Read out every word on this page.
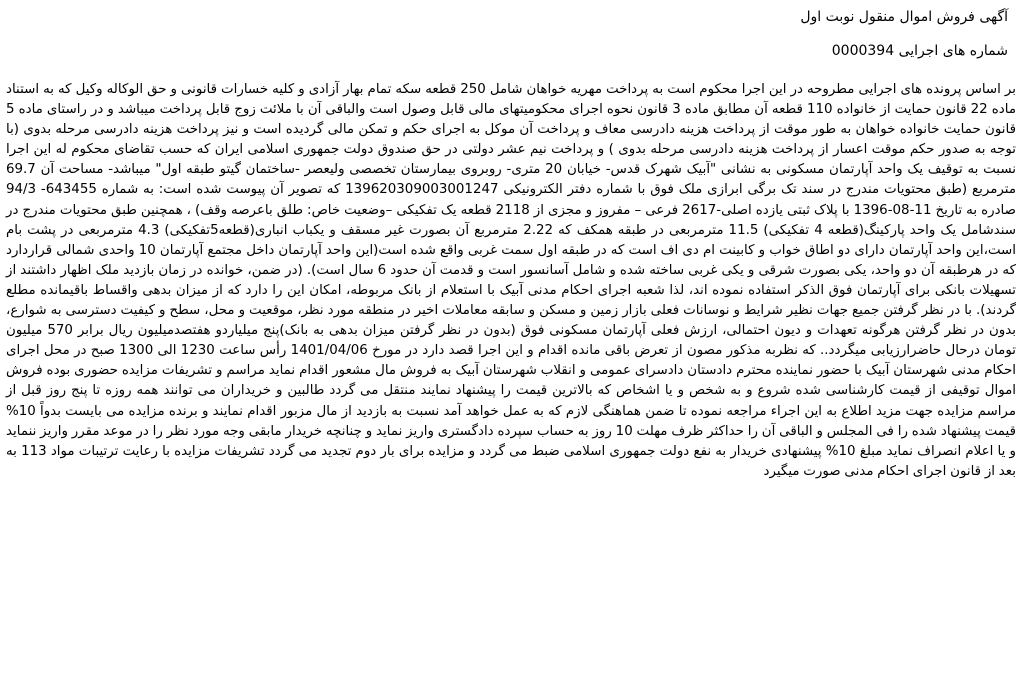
آگهی فروش اموال منقول نوبت اول
شماره های اجرایی 0000394
بر اساس پرونده های اجرایی مطروحه در این اجرا محکوم است به پرداخت مهریه خواهان شامل 250 قطعه سکه تمام بهار آزادی و کلیه خسارات قانونی و حق الوکاله وکیل که به استناد ماده 22 قانون حمایت از خانواده 110 قطعه آن مطابق ماده 3 قانون نحوه اجرای محکومیتهای مالی قابل وصول است والباقی آن با ملائت زوج قابل پرداخت میباشد و در راستای ماده 5 قانون حمایت خانواده خواهان به طور موقت از پرداخت هزینه دادرسی معاف و پرداخت آن موکل به اجرای حکم و تمکن مالی گردیده است و نیز پرداخت هزینه دادرسی مرحله بدوی (با توجه به صدور حکم موقت اعسار از پرداخت هزینه دادرسی مرحله بدوی ) و پرداخت نیم عشر دولتی در حق صندوق دولت جمهوری اسلامی ایران که حسب تقاضای محکوم له این اجرا نسبت به توقیف یک واحد آپارتمان مسکونی به نشانی "آبیک شهرک قدس- خیابان 20 متری- روبروی بیمارستان تخصصی ولیعصر -ساختمان گیتو طبقه اول" میباشد- مساحت آن 69.7 مترمربع (طبق محتویات مندرج در سند تک برگی ابرازی ملک فوق با شماره دفتر الکترونیکی 139620309003001247 که تصویر آن پیوست شده است: به شماره 643455- 94/3 صادره به تاریخ 11-08-1396 با پلاک ثبتی یازده اصلی-2617 فرعی – مفروز و مجزی از 2118 قطعه یک تفکیکی –وضعیت خاص: طلق باعرصه وقف) ، همچنین طبق محتویات مندرج در سندشامل یک واحد پارکینگ(قطعه 4 تفکیکی) 11.5 مترمربعی در طبقه همکف که 2.22 مترمربع آن بصورت غیر مسقف و یکباب انباری(قطعه5تفکیکی) 4.3 مترمربعی در پشت بام است،این واحد آپارتمان دارای دو اطاق خواب و کابینت ام دی اف است که در طبقه اول سمت غربی واقع شده است(این واحد آپارتمان داخل مجتمع آپارتمان 10 واحدی شمالی قراردارد که در هرطبقه آن دو واحد، یکی بصورت شرقی و یکی غربی ساخته شده و شامل آسانسور است و قدمت آن حدود 6 سال است). (در ضمن، خوانده در زمان بازدید ملک اظهار داشتند از تسهیلات بانکی برای آپارتمان فوق الذکر استفاده نموده اند، لذا شعبه اجرای احکام مدنی آبیک با استعلام از بانک مربوطه، امکان این را دارد که از میزان بدهی واقساط باقیمانده مطلع گردند). با در نظر گرفتن جمیع جهات نظیر شرایط و نوسانات فعلی بازار زمین و مسکن و سابقه معاملات اخیر در منطقه مورد نظر، موقعیت و محل، سطح و کیفیت دسترسی به شوارع، بدون در نظر گرفتن هرگونه تعهدات و دیون احتمالی، ارزش فعلی آپارتمان مسکونی فوق (بدون در نظر گرفتن میزان بدهی به بانک)پنج میلیاردو هفتصدمیلیون ریال برابر 570 میلیون تومان درحال حاضرارزیابی میگردد.. که نظربه مذکور مصون از تعرض باقی مانده اقدام و این اجرا قصد دارد در مورخ 1401/04/06 رأس ساعت 1230 الی 1300 صبح در محل اجرای احکام مدنی شهرستان آبیک با حضور نماینده محترم دادستان دادسرای عمومی و انقلاب شهرستان آبیک به فروش مال مشعور اقدام نماید مراسم و تشریفات مزایده حضوری بوده فروش اموال توقیفی از قیمت کارشناسی شده شروع و به شخص و یا اشخاص که بالاترین قیمت را پیشنهاد نمایند منتقل می گردد طالبین و خریداران می توانند همه روزه تا پنج روز قبل از مراسم مزایده جهت مزید اطلاع به این اجراء مراجعه نموده تا ضمن هماهنگی لازم که به عمل خواهد آمد نسبت به بازدید از مال مزبور اقدام نمایند و برنده مزایده می بایست بدواً 10% قیمت پیشنهاد شده را فی المجلس و الباقی آن را حداکثر ظرف مهلت 10 روز به حساب سپرده دادگستری واریز نماید و چنانچه خریدار مابقی وجه مورد نظر را در موعد مقرر واریز ننماید و یا اعلام انصراف نماید مبلغ 10% پیشنهادی خریدار به نفع دولت جمهوری اسلامی ضبط می گردد و مزایده برای بار دوم تجدید می گردد تشریفات مزایده با رعایت ترتیبات مواد 113 به بعد از قانون اجرای احکام مدنی صورت میگیرد
